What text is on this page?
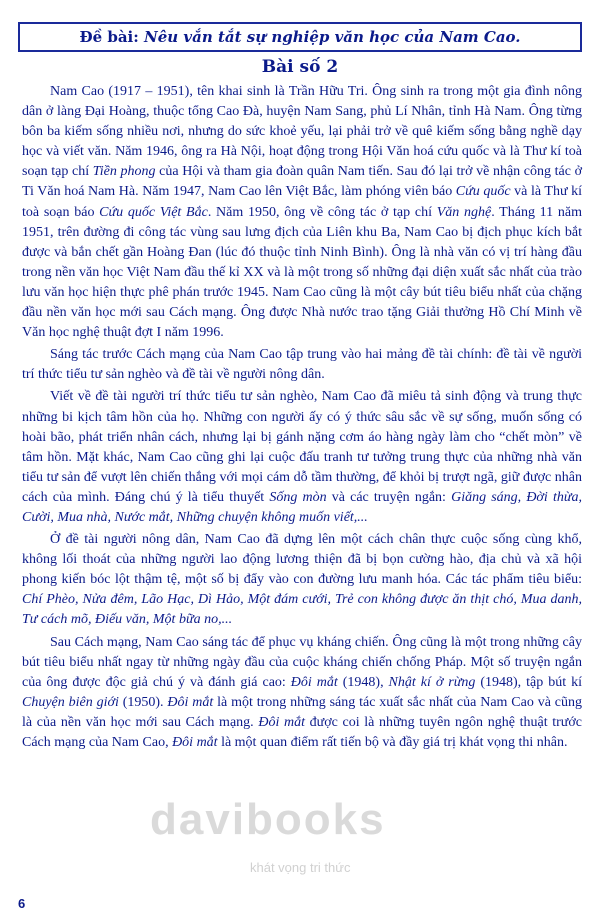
Đề bài: Nêu vắn tắt sự nghiệp văn học của Nam Cao.
Bài số 2

Nam Cao (1917 – 1951), tên khai sinh là Trần Hữu Tri. Ông sinh ra trong một gia đình nông dân ở làng Đại Hoàng, thuộc tổng Cao Đà, huyện Nam Sang, phủ Lí Nhân, tỉnh Hà Nam. Ông từng bôn ba kiếm sống nhiều nơi, nhưng do sức khoẻ yếu, lại phải trở về quê kiếm sống bằng nghề dạy học và viết văn. Năm 1946, ông ra Hà Nội, hoạt động trong Hội Văn hoá cứu quốc và là Thư kí toà soạn tạp chí Tiền phong của Hội và tham gia đoàn quân Nam tiến. Sau đó lại trở về nhận công tác ở Ti Văn hoá Nam Hà. Năm 1947, Nam Cao lên Việt Bắc, làm phóng viên báo Cứu quốc và là Thư kí toà soạn báo Cứu quốc Việt Bắc. Năm 1950, ông về công tác ở tạp chí Văn nghệ. Tháng 11 năm 1951, trên đường đi công tác vùng sau lưng địch của Liên khu Ba, Nam Cao bị địch phục kích bắt được và bắn chết gần Hoàng Đan (lúc đó thuộc tỉnh Ninh Bình). Ông là nhà văn có vị trí hàng đầu trong nền văn học Việt Nam đầu thế kỉ XX và là một trong số những đại diện xuất sắc nhất của trào lưu văn học hiện thực phê phán trước 1945. Nam Cao cũng là một cây bút tiêu biểu nhất của chặng đầu nền văn học mới sau Cách mạng. Ông được Nhà nước trao tặng Giải thưởng Hồ Chí Minh về Văn học nghệ thuật đợt I năm 1996.

Sáng tác trước Cách mạng của Nam Cao tập trung vào hai mảng đề tài chính: đề tài về người trí thức tiểu tư sản nghèo và đề tài về người nông dân.

Viết về đề tài người trí thức tiểu tư sản nghèo, Nam Cao đã miêu tả sinh động và trung thực những bi kịch tâm hồn của họ. Những con người ấy có ý thức sâu sắc về sự sống, muốn sống có hoài bão, phát triển nhân cách, nhưng lại bị gánh nặng cơm áo hàng ngày làm cho “chết mòn” về tâm hồn. Mặt khác, Nam Cao cũng ghi lại cuộc đấu tranh tư tưởng trung thực của những nhà văn tiểu tư sản để vượt lên chiến thắng với mọi cám dỗ tầm thường, để khỏi bị trượt ngã, giữ được nhân cách của mình. Đáng chú ý là tiểu thuyết Sống mòn và các truyện ngắn: Giăng sáng, Đời thừa, Cười, Mua nhà, Nước mắt, Những chuyện không muốn viết,...

Ở đề tài người nông dân, Nam Cao đã dựng lên một cách chân thực cuộc sống cùng khổ, không lối thoát của những người lao động lương thiện đã bị bọn cường hào, địa chủ và xã hội phong kiến bóc lột thậm tệ, một số bị đẩy vào con đường lưu manh hóa. Các tác phẩm tiêu biểu: Chí Phèo, Nửa đêm, Lão Hạc, Dì Hảo, Một đám cưới, Trẻ con không được ăn thịt chó, Mua danh, Tư cách mõ, Điếu văn, Một bữa no,...

Sau Cách mạng, Nam Cao sáng tác để phục vụ kháng chiến. Ông cũng là một trong những cây bút tiêu biểu nhất ngay từ những ngày đầu của cuộc kháng chiến chống Pháp. Một số truyện ngắn của ông được độc giả chú ý và đánh giá cao: Đôi mắt (1948), Nhật kí ở rừng (1948), tập bút kí Chuyện biên giới (1950). Đôi mắt là một trong những sáng tác xuất sắc nhất của Nam Cao và cũng là của nền văn học mới sau Cách mạng. Đôi mắt được coi là những tuyên ngôn nghệ thuật trước Cách mạng của Nam Cao, Đôi mắt là một quan điểm rất tiến bộ và đầy giá trị khát vọng thi nhân.

davibooks
khát vọng tri thức
6
